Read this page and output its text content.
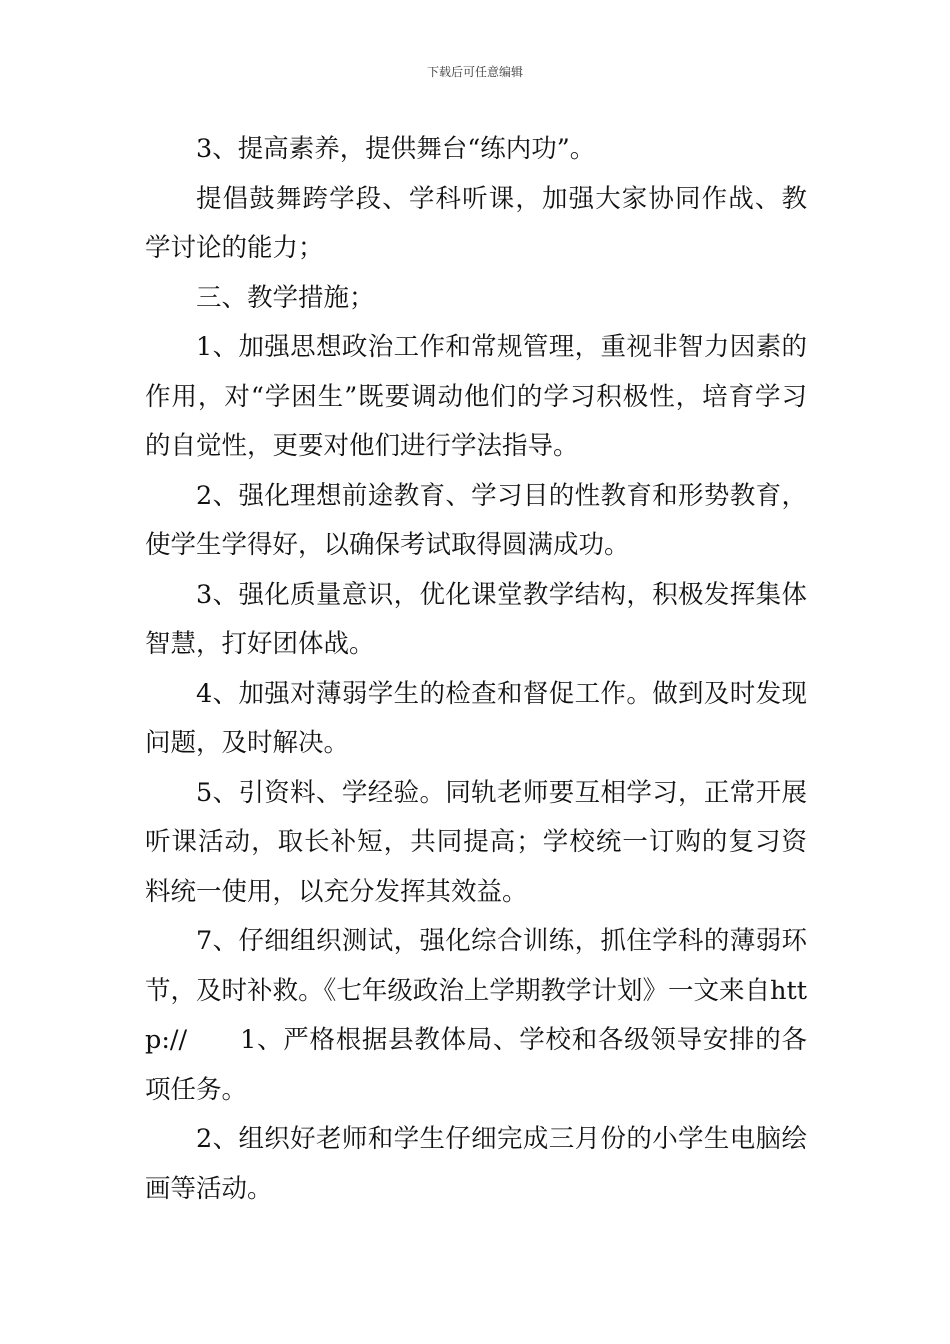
下载后可任意编辑

3、提高素养，提供舞台“练内功”。

提倡鼓舞跨学段、学科听课，加强大家协同作战、教学讨论的能力；

三、教学措施；

1、加强思想政治工作和常规管理，重视非智力因素的作用，对“学困生”既要调动他们的学习积极性，培育学习的自觉性，更要对他们进行学法指导。

2、强化理想前途教育、学习目的性教育和形势教育，使学生学得好，以确保考试取得圆满成功。

3、强化质量意识，优化课堂教学结构，积极发挥集体智慧，打好团体战。

4、加强对薄弱学生的检查和督促工作。做到及时发现问题，及时解决。

5、引资料、学经验。同轨老师要互相学习，正常开展听课活动，取长补短，共同提高；学校统一订购的复习资料统一使用，以充分发挥其效益。

7、仔细组织测试，强化综合训练，抓住学科的薄弱环节，及时补救。《七年级政治上学期教学计划》一文来自http://      1、严格根据县教体局、学校和各级领导安排的各项任务。

2、组织好老师和学生仔细完成三月份的小学生电脑绘画等活动。
